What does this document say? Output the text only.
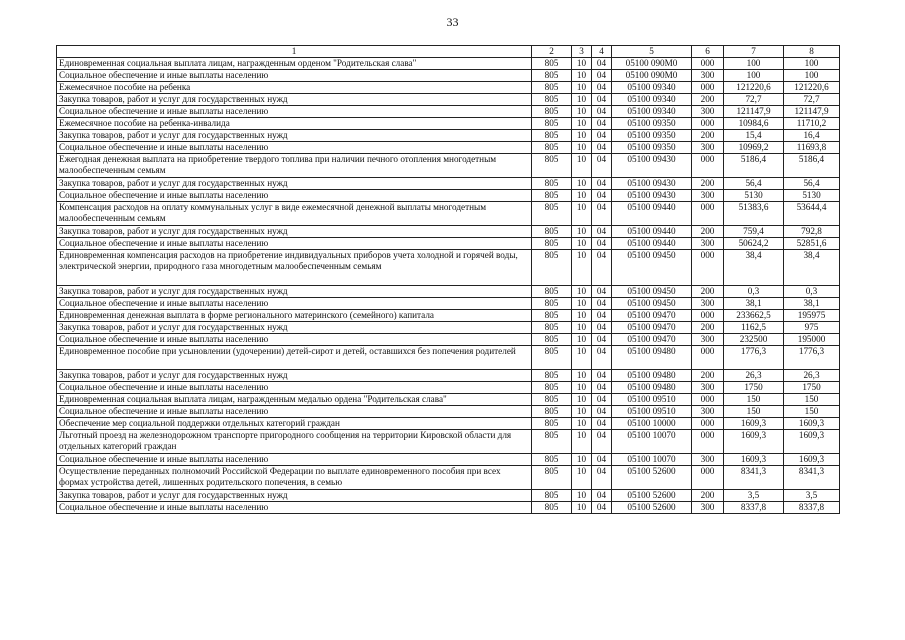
33
1	2	3	4	5	6	7	8
Единовременная социальная выплата лицам, награжденным орденом "Родительская слава"	805	10	04	05100 090М0	000	100	100
Социальное обеспечение и иные выплаты населению	805	10	04	05100 090М0	300	100	100
Ежемесячное пособие на ребенка	805	10	04	05100 09340	000	121220,6	121220,6
Закупка товаров, работ и услуг для государственных нужд	805	10	04	05100 09340	200	72,7	72,7
Социальное обеспечение и иные выплаты населению	805	10	04	05100 09340	300	121147,9	121147,9
Ежемесячное пособие на ребенка-инвалида	805	10	04	05100 09350	000	10984,6	11710,2
Закупка товаров, работ и услуг для государственных нужд	805	10	04	05100 09350	200	15,4	16,4
Социальное обеспечение и иные выплаты населению	805	10	04	05100 09350	300	10969,2	11693,8
Ежегодная денежная выплата на приобретение твердого топлива при наличии печного отопления многодетным малообеспеченным семьям	805	10	04	05100 09430	000	5186,4	5186,4
Закупка товаров, работ и услуг для государственных нужд	805	10	04	05100 09430	200	56,4	56,4
Социальное обеспечение и иные выплаты населению	805	10	04	05100 09430	300	5130	5130
Компенсация расходов на оплату коммунальных услуг в виде ежемесячной денежной выплаты многодетным малообеспеченным семьям	805	10	04	05100 09440	000	51383,6	53644,4
Закупка товаров, работ и услуг для государственных нужд	805	10	04	05100 09440	200	759,4	792,8
Социальное обеспечение и иные выплаты населению	805	10	04	05100 09440	300	50624,2	52851,6
Единовременная компенсация расходов на приобретение индивидуальных приборов учета холодной и горячей воды, электрической энергии, природного газа многодетным малообеспеченным семьям	805	10	04	05100 09450	000	38,4	38,4
Закупка товаров, работ и услуг для государственных нужд	805	10	04	05100 09450	200	0,3	0,3
Социальное обеспечение и иные выплаты населению	805	10	04	05100 09450	300	38,1	38,1
Единовременная денежная выплата в форме регионального материнского (семейного) капитала	805	10	04	05100 09470	000	233662,5	195975
Закупка товаров, работ и услуг для государственных нужд	805	10	04	05100 09470	200	1162,5	975
Социальное обеспечение и иные выплаты населению	805	10	04	05100 09470	300	232500	195000
Единовременное пособие при усыновлении (удочерении) детей-сирот и детей, оставшихся без попечения родителей	805	10	04	05100 09480	000	1776,3	1776,3
Закупка товаров, работ и услуг для государственных нужд	805	10	04	05100 09480	200	26,3	26,3
Социальное обеспечение и иные выплаты населению	805	10	04	05100 09480	300	1750	1750
Единовременная социальная выплата лицам, награжденным медалью ордена "Родительская слава"	805	10	04	05100 09510	000	150	150
Социальное обеспечение и иные выплаты населению	805	10	04	05100 09510	300	150	150
Обеспечение мер социальной поддержки отдельных категорий граждан	805	10	04	05100 10000	000	1609,3	1609,3
Льготный проезд на железнодорожном транспорте пригородного сообщения на территории Кировской области для отдельных категорий граждан	805	10	04	05100 10070	000	1609,3	1609,3
Социальное обеспечение и иные выплаты населению	805	10	04	05100 10070	300	1609,3	1609,3
Осуществление переданных полномочий Российской Федерации по выплате единовременного пособия при всех формах устройства детей, лишенных родительского попечения, в семью	805	10	04	05100 52600	000	8341,3	8341,3
Закупка товаров, работ и услуг для государственных нужд	805	10	04	05100 52600	200	3,5	3,5
Социальное обеспечение и иные выплаты населению	805	10	04	05100 52600	300	8337,8	8337,8
